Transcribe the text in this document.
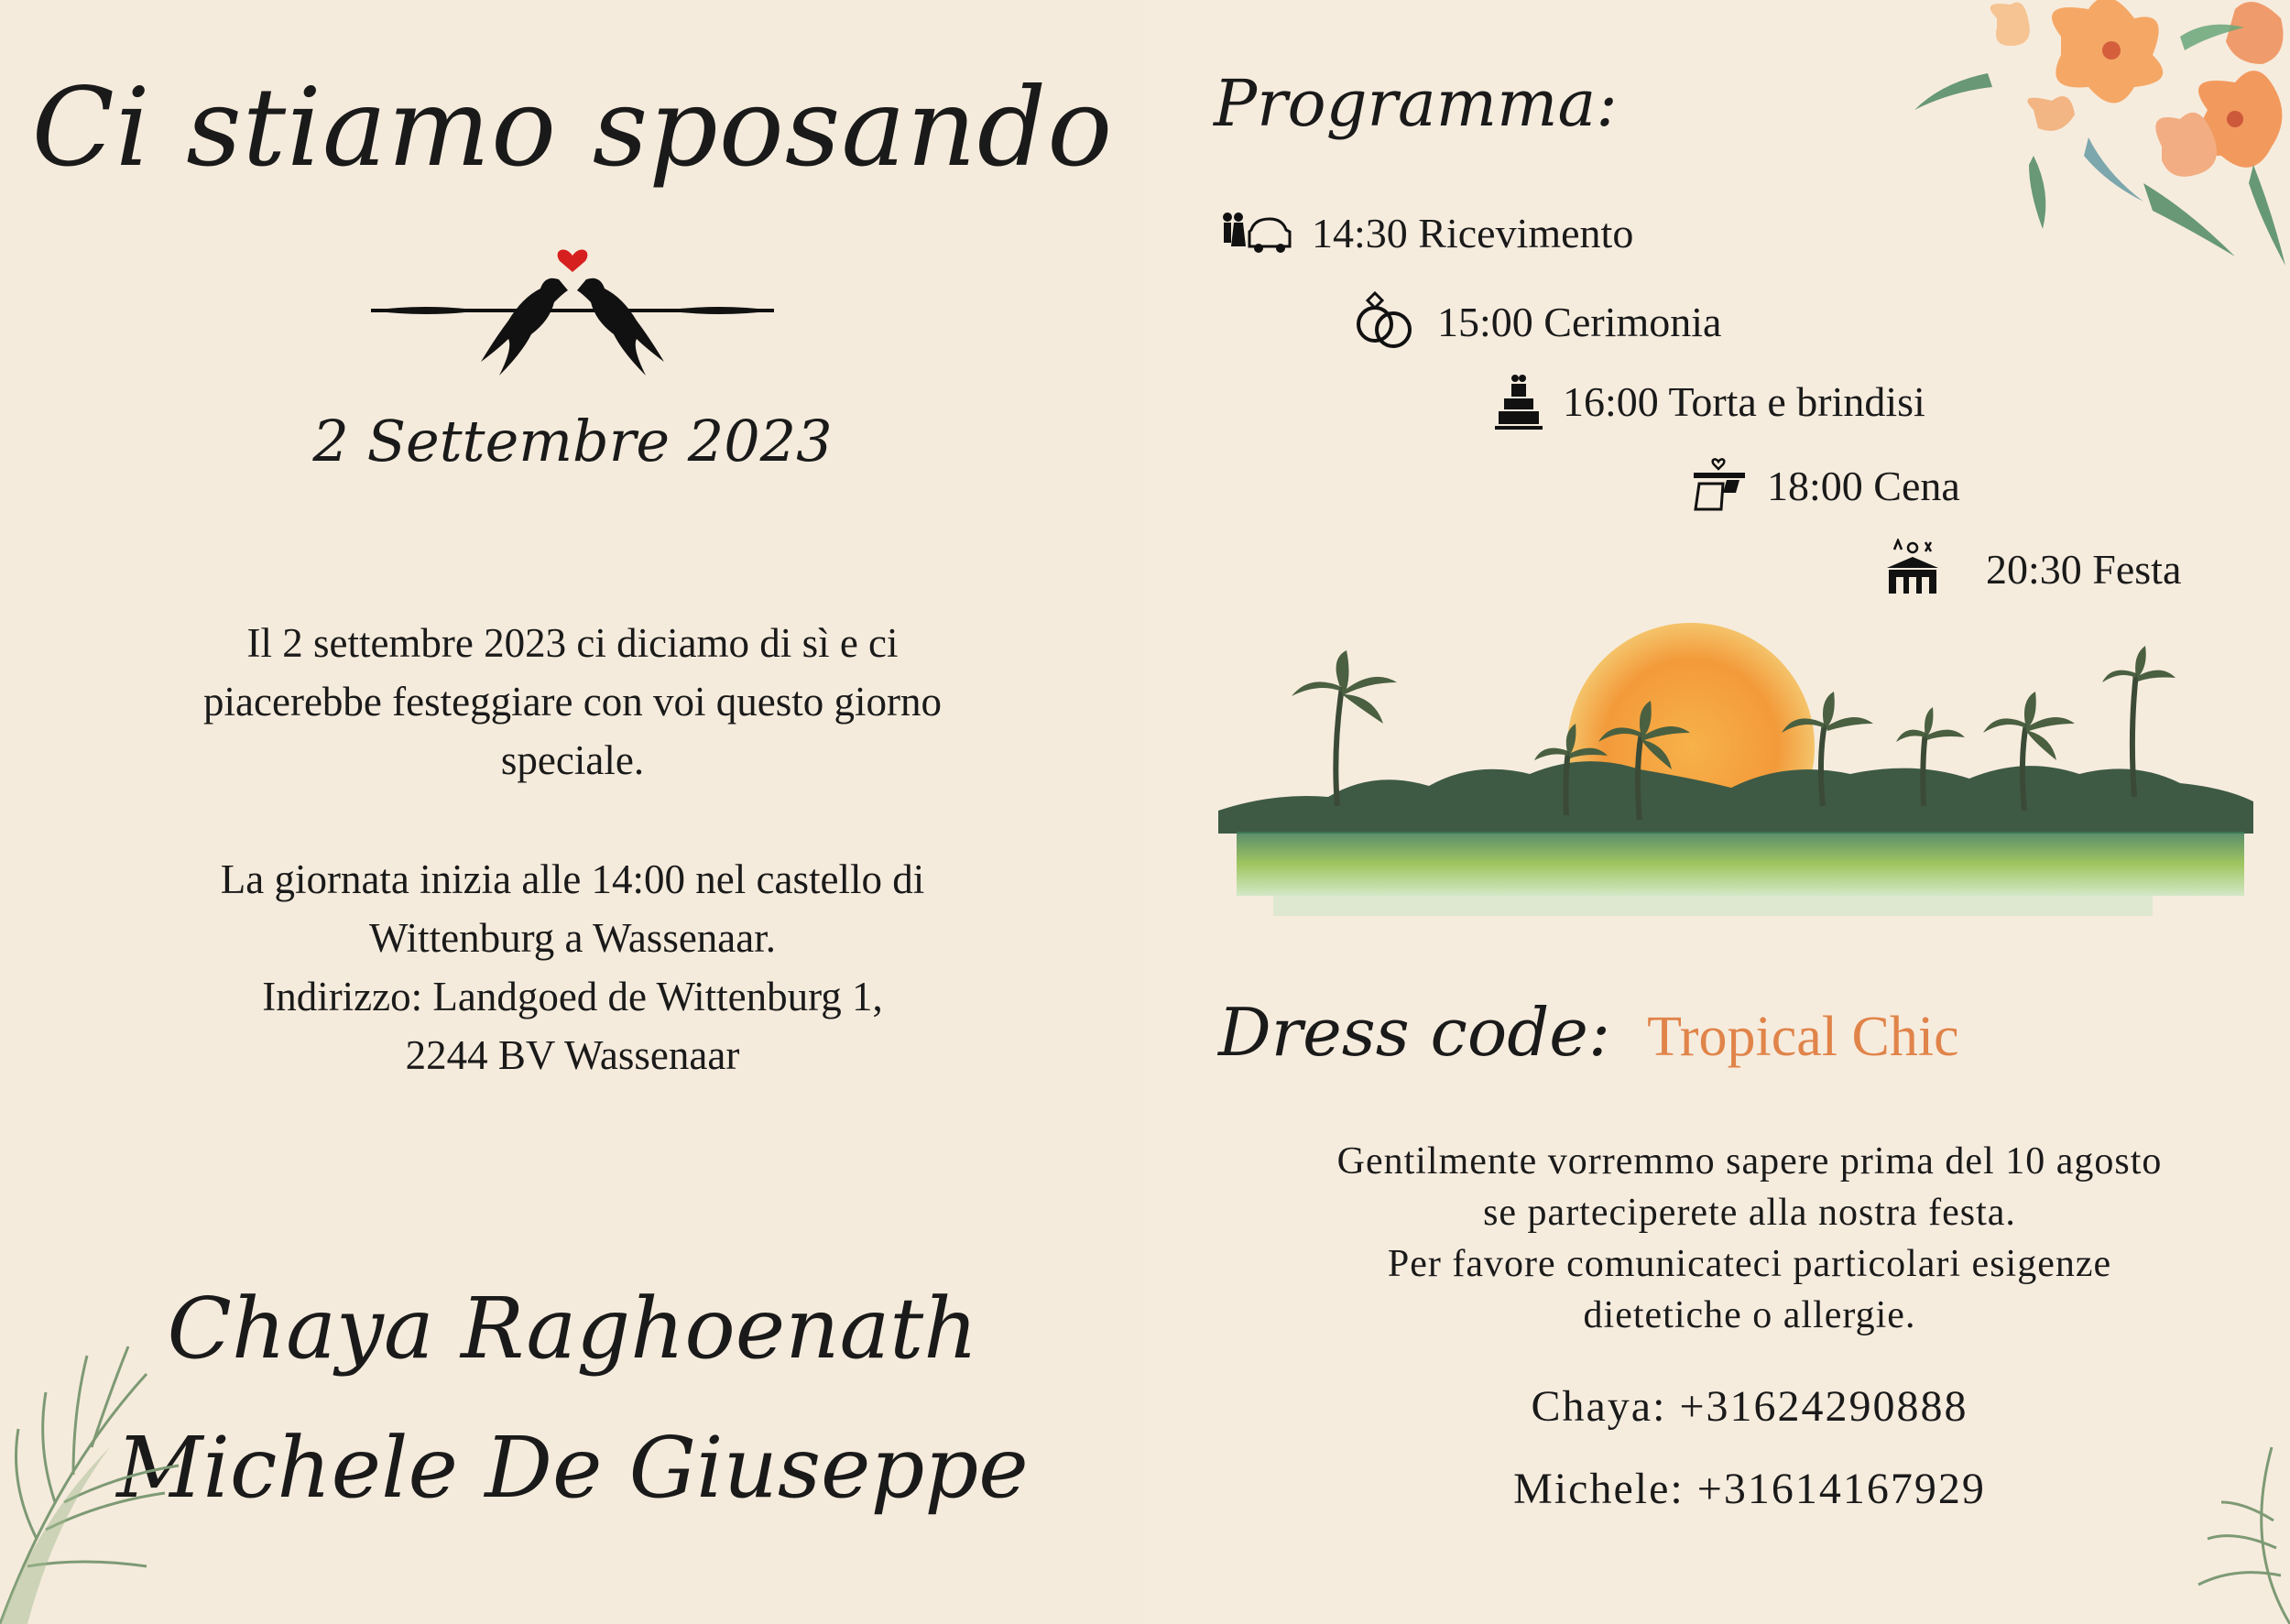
Ci stiamo sposando
2 Settembre 2023
Il 2 settembre 2023 ci diciamo di sì e ci
piacerebbe festeggiare con voi questo giorno
speciale.
La giornata inizia alle 14:00 nel castello di
Wittenburg a Wassenaar.
Indirizzo: Landgoed de Wittenburg 1,
2244 BV Wassenaar
Chaya Raghoenath
Michele De Giuseppe
Programma:
14:30 Ricevimento
15:00 Cerimonia
16:00 Torta e brindisi
18:00 Cena
20:30 Festa
Dress code: Tropical Chic
Gentilmente vorremmo sapere prima del 10 agosto
se parteciperete alla nostra festa.
Per favore comunicateci particolari esigenze
dietetiche o allergie.
Chaya: +31624290888
Michele: +31614167929
